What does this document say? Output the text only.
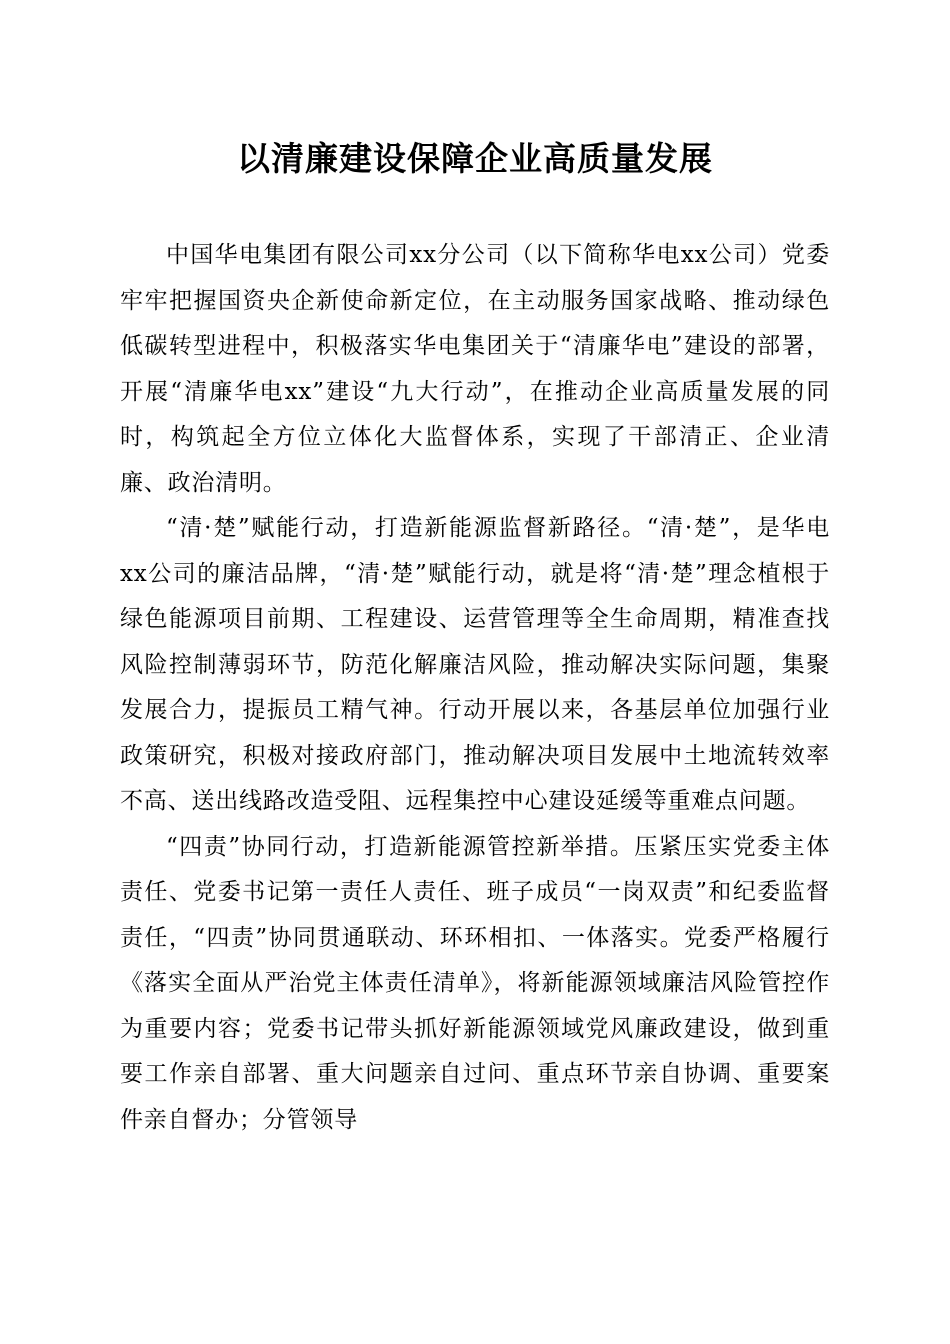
以清廉建设保障企业高质量发展

中国华电集团有限公司xx分公司（以下简称华电xx公司）党委牢牢把握国资央企新使命新定位，在主动服务国家战略、推动绿色低碳转型进程中，积极落实华电集团关于“清廉华电”建设的部署，开展“清廉华电xx”建设“九大行动”，在推动企业高质量发展的同时，构筑起全方位立体化大监督体系，实现了干部清正、企业清廉、政治清明。

“清·楚”赋能行动，打造新能源监督新路径。“清·楚”，是华电xx公司的廉洁品牌，“清·楚”赋能行动，就是将“清·楚”理念植根于绿色能源项目前期、工程建设、运营管理等全生命周期，精准查找风险控制薄弱环节，防范化解廉洁风险，推动解决实际问题，集聚发展合力，提振员工精气神。行动开展以来，各基层单位加强行业政策研究，积极对接政府部门，推动解决项目发展中土地流转效率不高、送出线路改造受阻、远程集控中心建设延缓等重难点问题。

“四责”协同行动，打造新能源管控新举措。压紧压实党委主体责任、党委书记第一责任人责任、班子成员“一岗双责”和纪委监督责任，“四责”协同贯通联动、环环相扣、一体落实。党委严格履行《落实全面从严治党主体责任清单》，将新能源领域廉洁风险管控作为重要内容；党委书记带头抓好新能源领域党风廉政建设，做到重要工作亲自部署、重大问题亲自过问、重点环节亲自协调、重要案件亲自督办；分管领导
